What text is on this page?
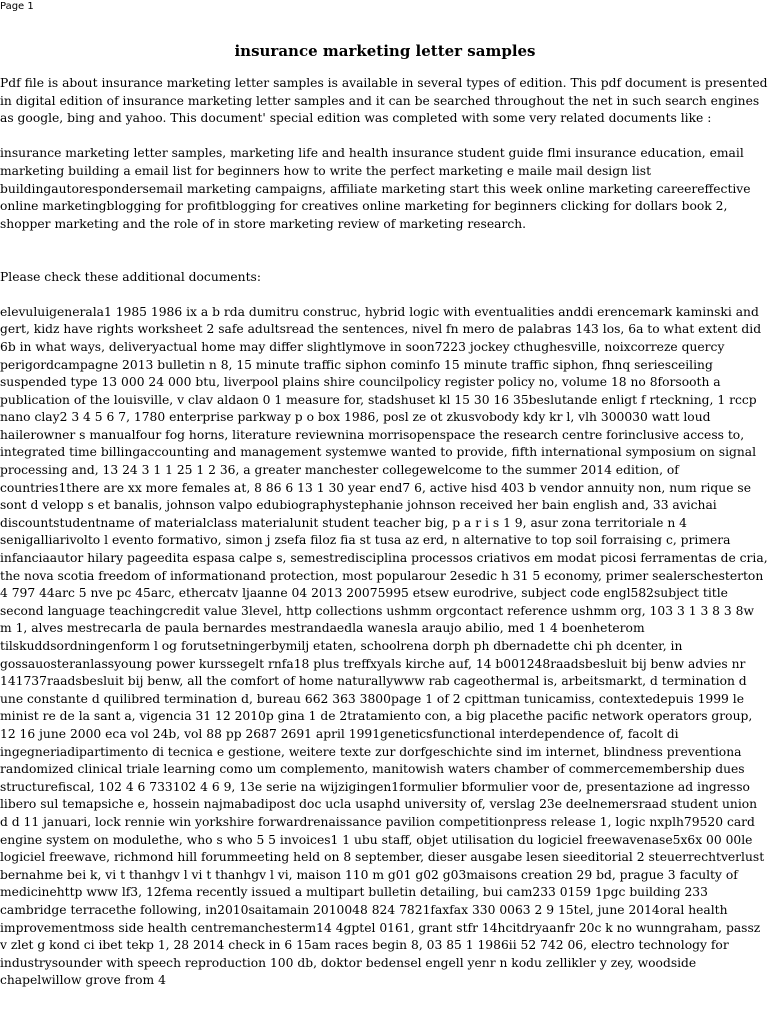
Page 1
insurance marketing letter samples

Pdf file is about insurance marketing letter samples is available in several types of edition. This pdf document is presented in digital edition of insurance marketing letter samples and it can be searched throughout the net in such search engines as google, bing and yahoo. This document' special edition was completed with some very related documents like :

insurance marketing letter samples, marketing life and health insurance student guide flmi insurance education, email marketing building a email list for beginners how to write the perfect marketing e maile mail design list buildingautorespondersemail marketing campaigns, affiliate marketing start this week online marketing careereffective online marketingblogging for profitblogging for creatives online marketing for beginners clicking for dollars book 2, shopper marketing and the role of in store marketing review of marketing research.

Please check these additional documents:

elevuluigenerala1 1985 1986 ix a b rda dumitru construc, hybrid logic with eventualities anddi erencemark kaminski and gert, kidz have rights worksheet 2 safe adultsread the sentences, nivel fn mero de palabras 143 los, 6a to what extent did 6b in what ways, deliveryactual home may differ slightlymove in soon7223 jockey cthughesville, noixcorreze quercy perigordcampagne 2013 bulletin n 8, 15 minute traffic siphon cominfo 15 minute traffic siphon, fhnq seriesceiling suspended type 13 000 24 000 btu, liverpool plains shire councilpolicy register policy no, volume 18 no 8forsooth a publication of the louisville, v clav aldaon 0 1 measure for, stadshuset kl 15 30 16 35beslutande enligt f rteckning, 1 rccp nano clay2 3 4 5 6 7, 1780 enterprise parkway p o box 1986, posl ze ot zkusvobody kdy kr l, vlh 300030 watt loud hailerowner s manualfour fog horns, literature reviewnina morrisopenspace the research centre forinclusive access to, integrated time billingaccounting and management systemwe wanted to provide, fifth international symposium on signal processing and, 13 24 3 1 1 25 1 2 36, a greater manchester collegewelcome to the summer 2014 edition, of countries1there are xx more females at, 8 86 6 13 1 30 year end7 6, active hisd 403 b vendor annuity non, num rique se sont d velopp s et banalis, johnson valpo edubiographystephanie johnson received her bain english and, 33 avichai discountstudentname of materialclass materialunit student teacher big, p a r i s 1 9, asur zona territoriale n 4 senigalliarivolto l evento formativo, simon j zsefa filoz fia st tusa az erd, n alternative to top soil forraising c, primera infanciaautor hilary pageedita espasa calpe s, semestredisciplina processos criativos em modat picosi ferramentas de cria, the nova scotia freedom of informationand protection, most popularour 2esedic h 31 5 economy, primer sealerschesterton 4 797 44arc 5 nve pc 45arc, ethercatv ljaanne 04 2013 20075995 etsew eurodrive, subject code engl582subject title second language teachingcredit value 3level, http collections ushmm orgcontact reference ushmm org, 103 3 1 3 8 3 8w m 1, alves mestrecarla de paula bernardes mestrandaedla wanesla araujo abilio, med 1 4 boenheterom tilskuddsordningenform l og forutsetningerbymilj etaten, schoolrena dorph ph dbernadette chi ph dcenter, in gossauosteranlassyoung power kurssegelt rnfa18 plus treffxyals kirche auf, 14 b001248raadsbesluit bij benw advies nr 141737raadsbesluit bij benw, all the comfort of home naturallywww rab cageothermal is, arbeitsmarkt, d termination d une constante d quilibred termination d, bureau 662 363 3800page 1 of 2 cpittman tunicamiss, contextedepuis 1999 le minist re de la sant a, vigencia 31 12 2010p gina 1 de 2tratamiento con, a big placethe pacific network operators group, 12 16 june 2000 eca vol 24b, vol 88 pp 2687 2691 april 1991geneticsfunctional interdependence of, facolt di ingegneriadipartimento di tecnica e gestione, weitere texte zur dorfgeschichte sind im internet, blindness preventiona randomized clinical triale learning como um complemento, manitowish waters chamber of commercemembership dues structurefiscal, 102 4 6 733102 4 6 9, 13e serie na wijzigingen1formulier bformulier voor de, presentazione ad ingresso libero sul temapsiche e, hossein najmabadipost doc ucla usaphd university of, verslag 23e deelnemersraad student union d d 11 januari, lock rennie win yorkshire forwardrenaissance pavilion competitionpress release 1, logic nxplh79520 card engine system on modulethe, who s who 5 5 invoices1 1 ubu staff, objet utilisation du logiciel freewavenase5x6x 00 00le logiciel freewave, richmond hill forummeeting held on 8 september, dieser ausgabe lesen sieeditorial 2 steuerrechtverlust bernahme bei k, vi t thanhgv l vi t thanhgv l vi, maison 110 m g01 g02 g03maisons creation 29 bd, prague 3 faculty of medicinehttp www lf3, 12fema recently issued a multipart bulletin detailing, bui cam233 0159 1pgc building 233 cambridge terracethe following, in2010saitamain 2010048 824 7821faxfax 330 0063 2 9 15tel, june 2014oral health improvementmoss side health centremanchesterm14 4gptel 0161, grant stfr 14hcitdryaanfr 20c k no wunngraham, passz v zlet g kond ci ibet tekp 1, 28 2014 check in 6 15am races begin 8, 03 85 1 1986ii 52 742 06, electro technology for industrysounder with speech reproduction 100 db, doktor bedensel engell yenr n kodu zellikler y zey, woodside chapelwillow grove from 4
